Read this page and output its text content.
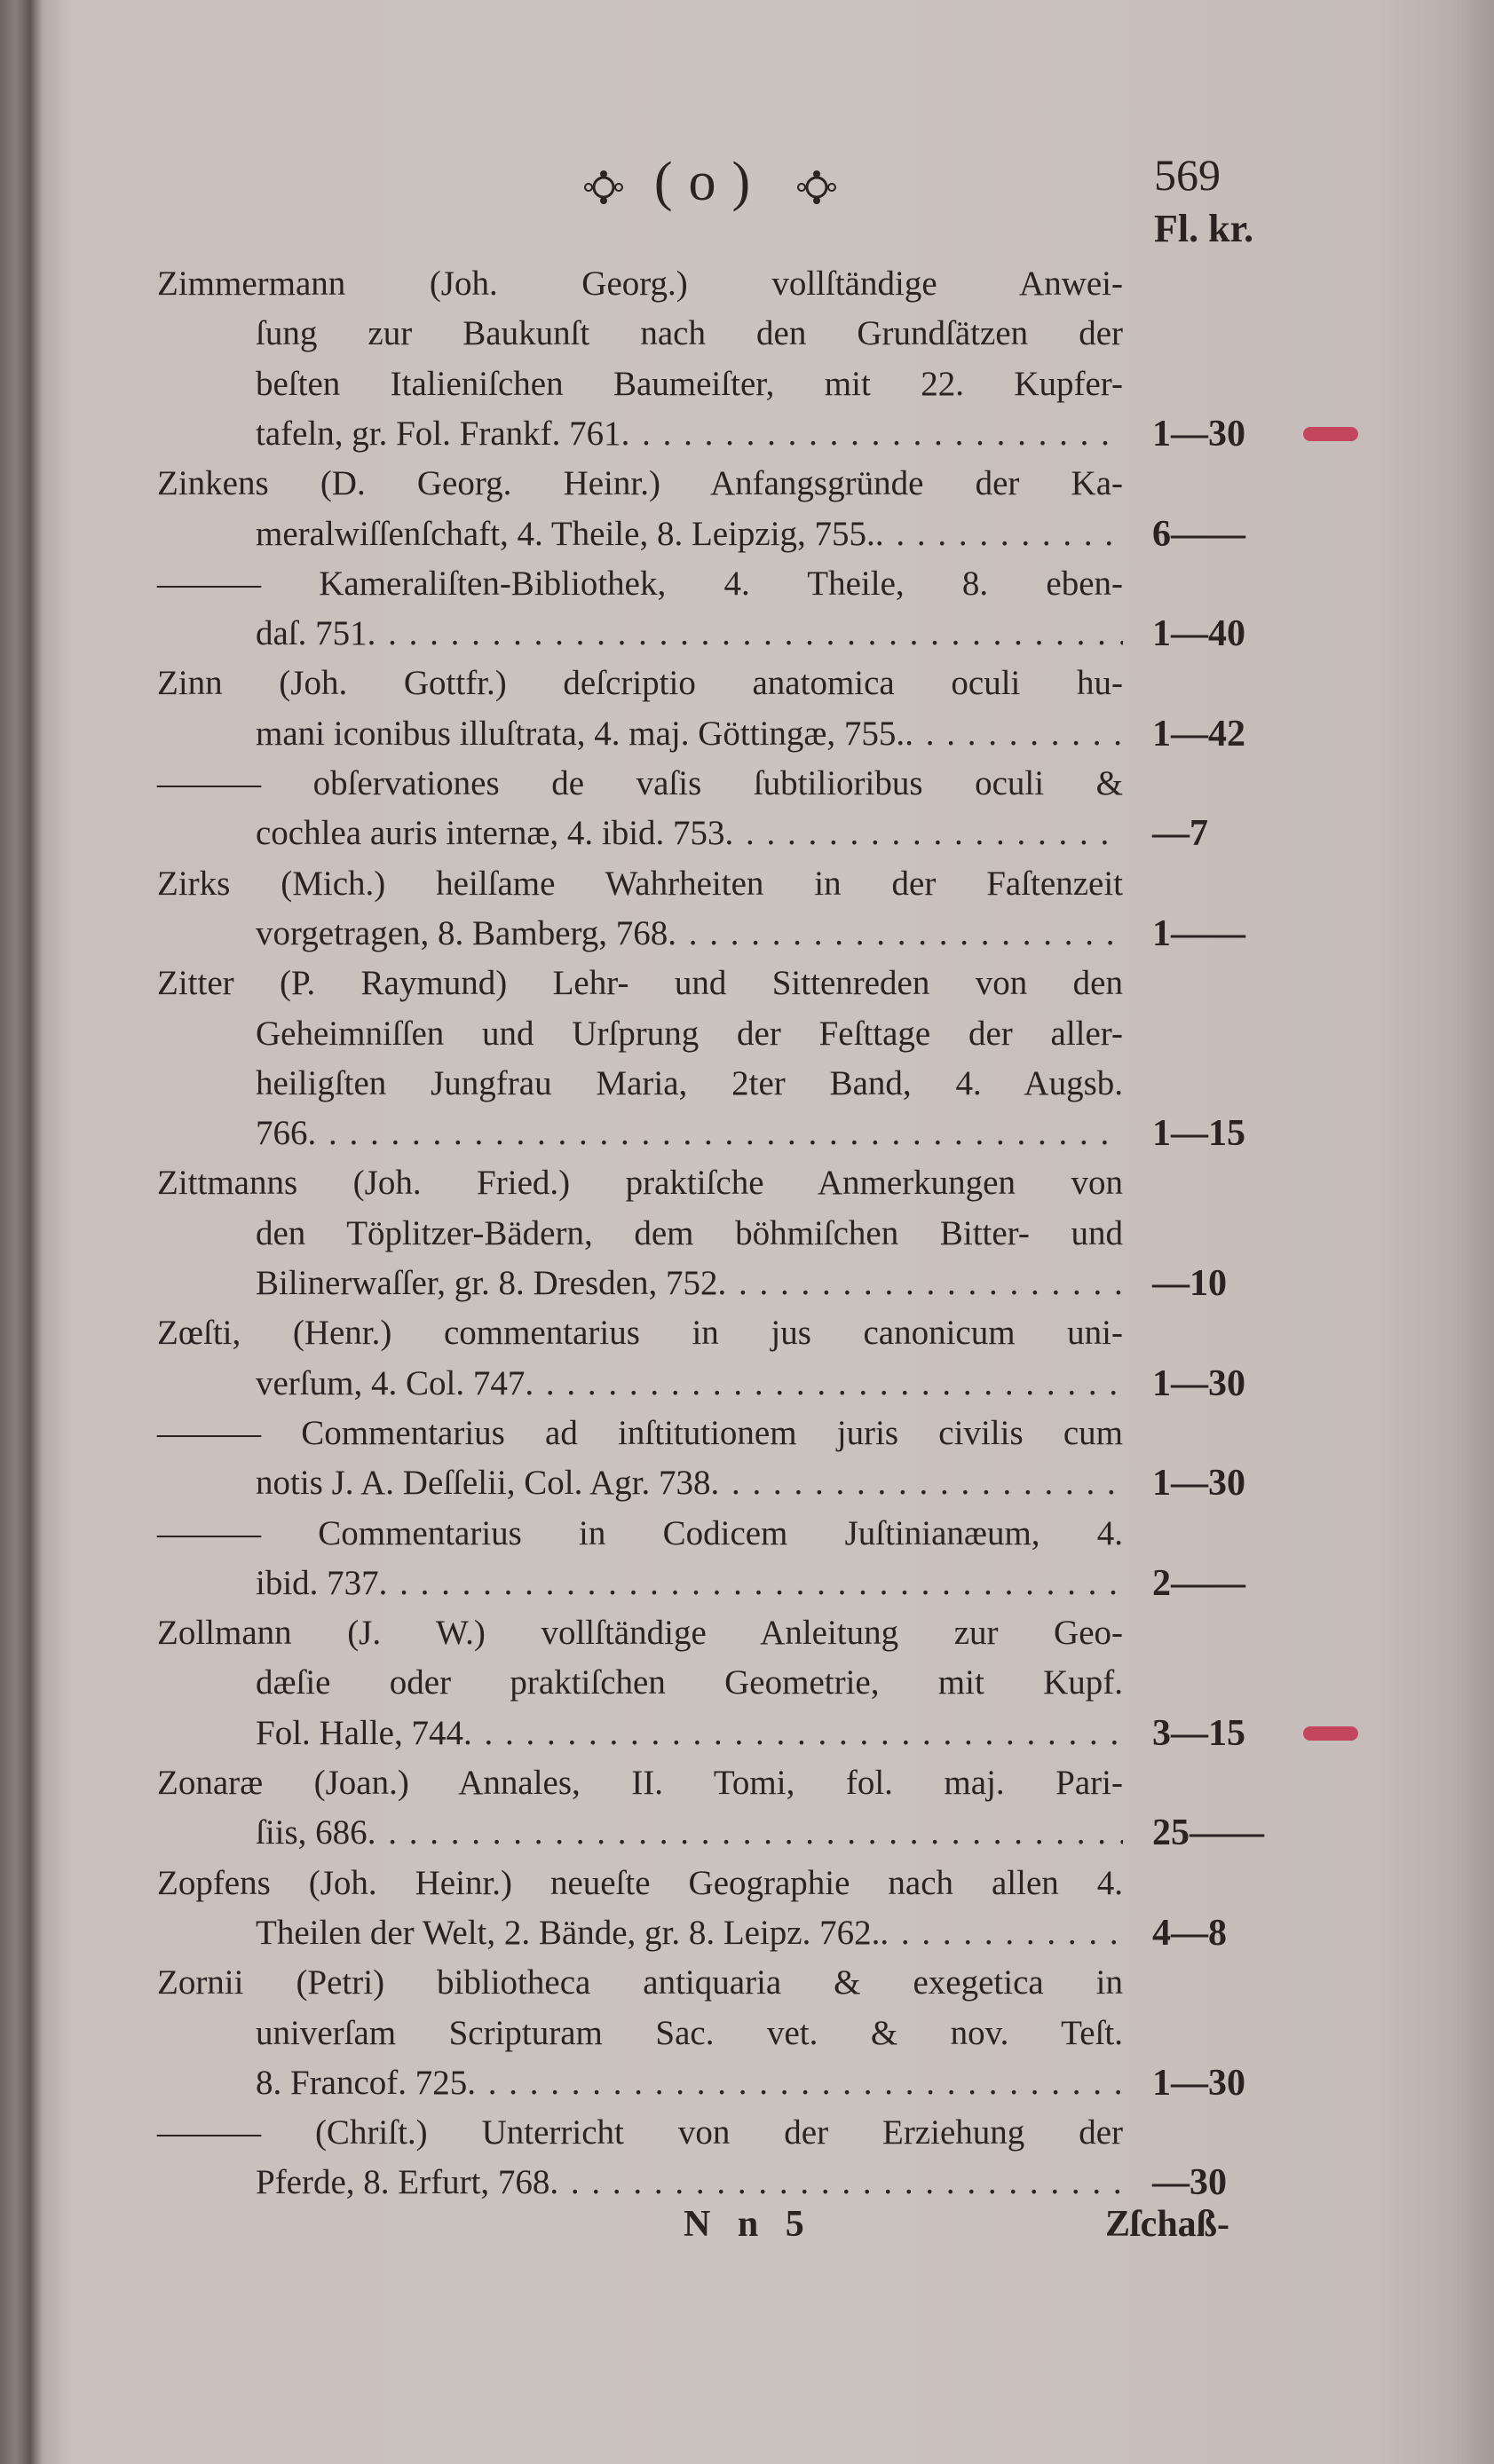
(o)	569
Fl. kr.
Zimmermann (Joh. Georg.) vollſtändige Anwei-
ſung zur Baukunſt nach den Grundſätzen der
beſten Italieniſchen Baumeiſter, mit 22. Kupfer-
1—30
tafeln, gr. Fol. Frankf. 761
. . .
Zinkens (D. Georg. Heinr.) Anfangsgründe der Ka-
6——
meralwiſſenſchaft, 4. Theile, 8. Leipzig, 755.
. . .
——— Kameraliſten-Bibliothek, 4. Theile, 8. eben-
1—40
daſ. 751
. . .
Zinn (Joh. Gottfr.) deſcriptio anatomica oculi hu-
1—42
mani iconibus illuſtrata, 4. maj. Göttingæ, 755.
. . .
——— obſervationes de vaſis ſubtilioribus oculi &
—7
cochlea auris internæ, 4. ibid. 753
. . .
Zirks (Mich.) heilſame Wahrheiten in der Faſtenzeit
1——
vorgetragen, 8. Bamberg, 768
. . .
Zitter (P. Raymund) Lehr- und Sittenreden von den
Geheimniſſen und Urſprung der Feſttage der aller-
heiligſten Jungfrau Maria, 2ter Band, 4. Augsb.
1—15
766
. . .
Zittmanns (Joh. Fried.) praktiſche Anmerkungen von
den Töplitzer-Bädern, dem böhmiſchen Bitter- und
—10
Bilinerwaſſer, gr. 8. Dresden, 752
. . .
Zœſti, (Henr.) commentarius in jus canonicum uni-
1—30
verſum, 4. Col. 747
. . .
——— Commentarius ad inſtitutionem juris civilis cum
1—30
notis J. A. Deſſelii, Col. Agr. 738
. . .
——— Commentarius in Codicem Juſtinianæum, 4.
2——
ibid. 737
. . .
Zollmann (J. W.) vollſtändige Anleitung zur Geo-
dæſie oder praktiſchen Geometrie, mit Kupf.
3—15
Fol. Halle, 744
. . .
Zonaræ (Joan.) Annales, II. Tomi, fol. maj. Pari-
25——
ſiis, 686
. . .
Zopfens (Joh. Heinr.) neueſte Geographie nach allen 4.
4—8
Theilen der Welt, 2. Bände, gr. 8. Leipz. 762.
. . .
Zornii (Petri) bibliotheca antiquaria & exegetica in
univerſam Scripturam Sac. vet. & nov. Teſt.
1—30
8. Francof. 725
. . .
——— (Chriſt.) Unterricht von der Erziehung der
—30
Pferde, 8. Erfurt, 768
. . .
N n 5	Zſchaß-
